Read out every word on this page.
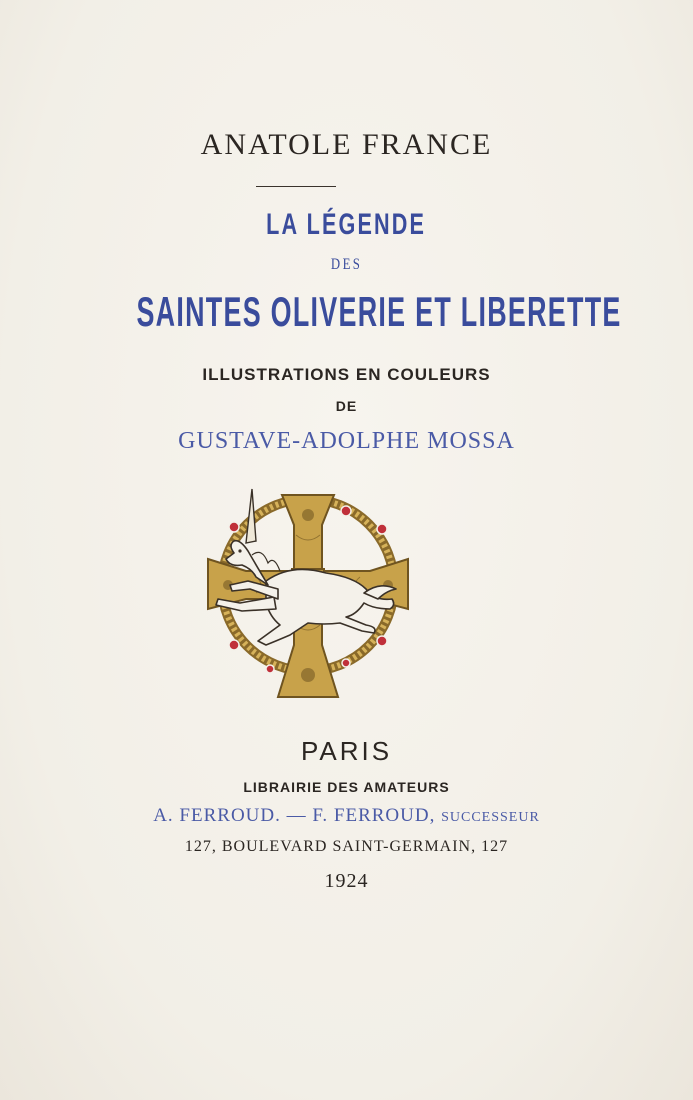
ANATOLE FRANCE
LA LÉGENDE
DES
SAINTES OLIVERIE ET LIBERETTE
ILLUSTRATIONS EN COULEURS
DE
GUSTAVE-ADOLPHE MOSSA
PARIS
LIBRAIRIE DES AMATEURS
A. FERROUD. — F. FERROUD, SUCCESSEUR
127, BOULEVARD SAINT-GERMAIN, 127
1924
